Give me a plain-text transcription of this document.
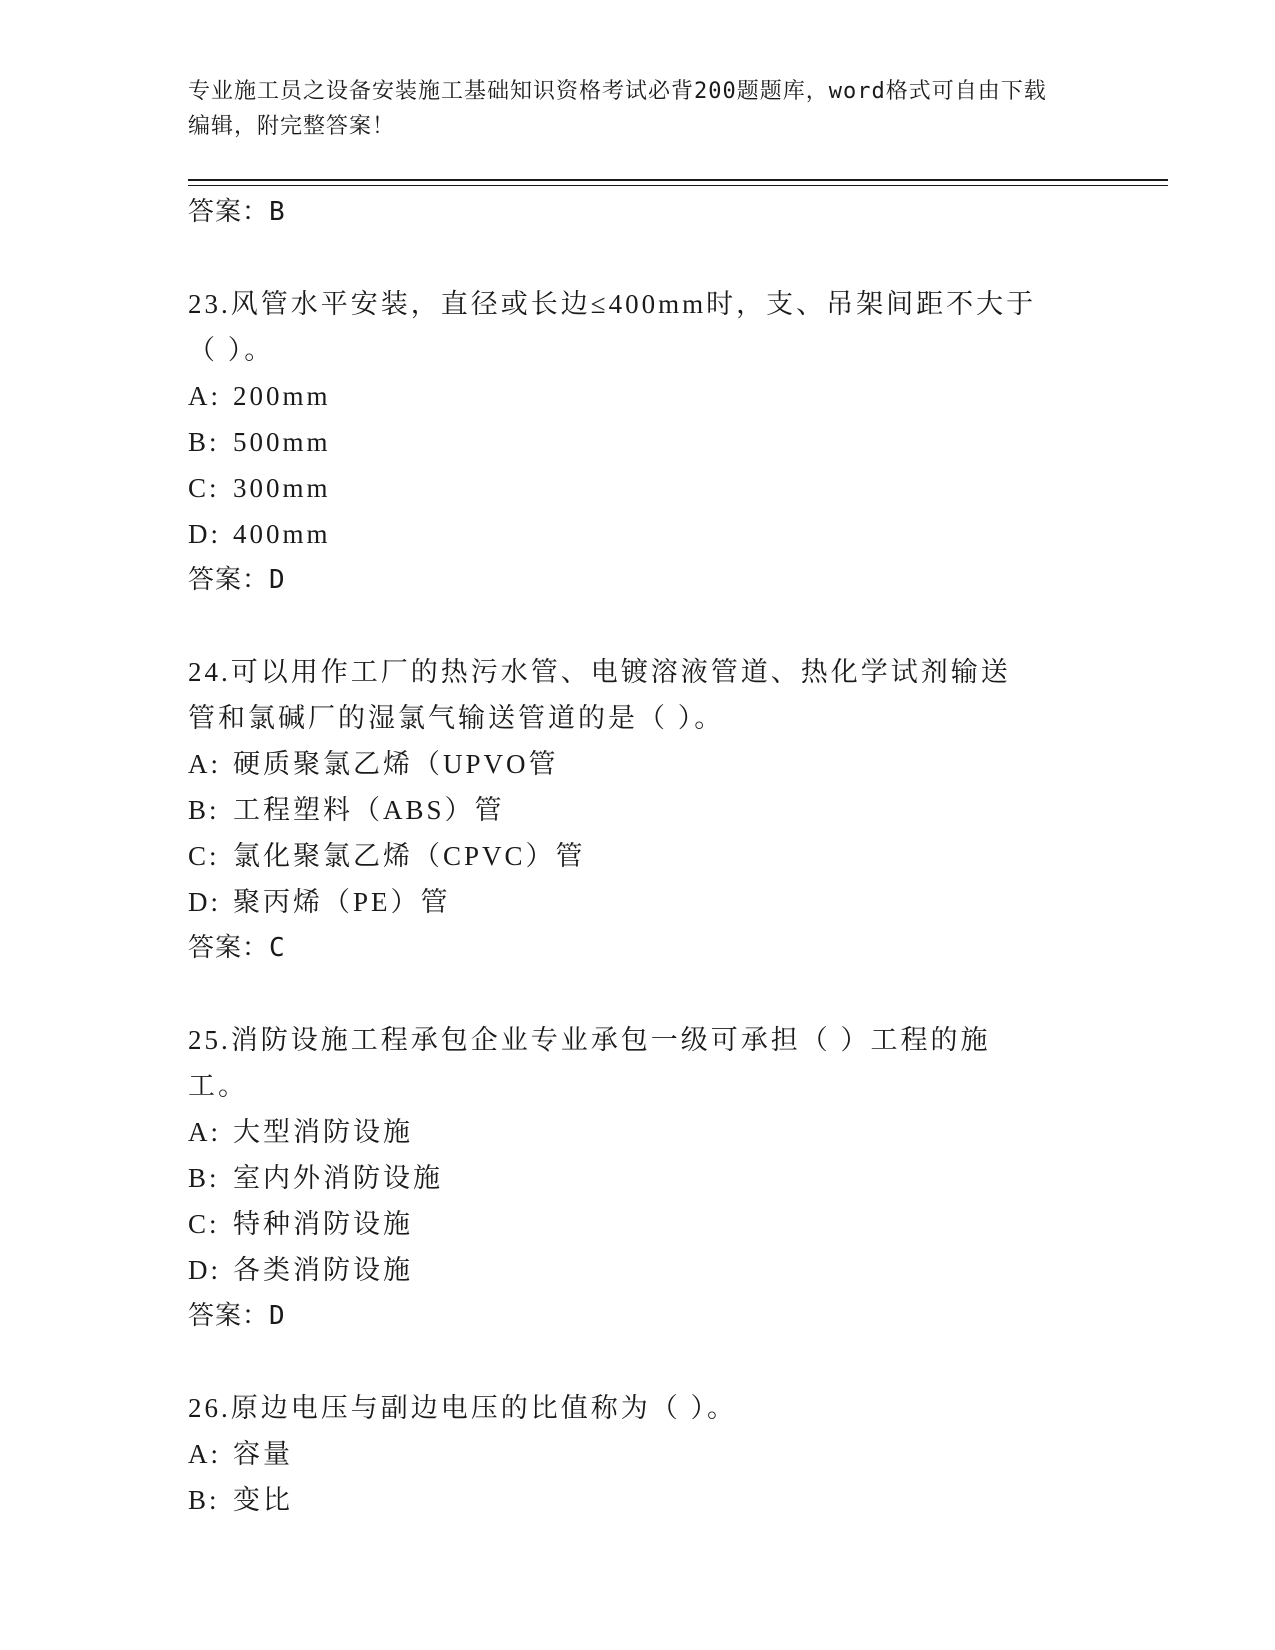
专业施工员之设备安装施工基础知识资格考试必背200题题库，word格式可自由下载编辑，附完整答案！
答案：B
23.风管水平安装，直径或长边≤400mm时，支、吊架间距不大于（ ）。
A: 200mm
B: 500mm
C: 300mm
D: 400mm
答案：D
24.可以用作工厂的热污水管、电镀溶液管道、热化学试剂输送管和氯碱厂的湿氯气输送管道的是（ ）。
A: 硬质聚氯乙烯（UPVO管
B: 工程塑料（ABS）管
C: 氯化聚氯乙烯（CPVC）管
D: 聚丙烯（PE）管
答案：C
25.消防设施工程承包企业专业承包一级可承担（ ）工程的施工。
A: 大型消防设施
B: 室内外消防设施
C: 特种消防设施
D: 各类消防设施
答案：D
26.原边电压与副边电压的比值称为（ ）。
A: 容量
B: 变比
